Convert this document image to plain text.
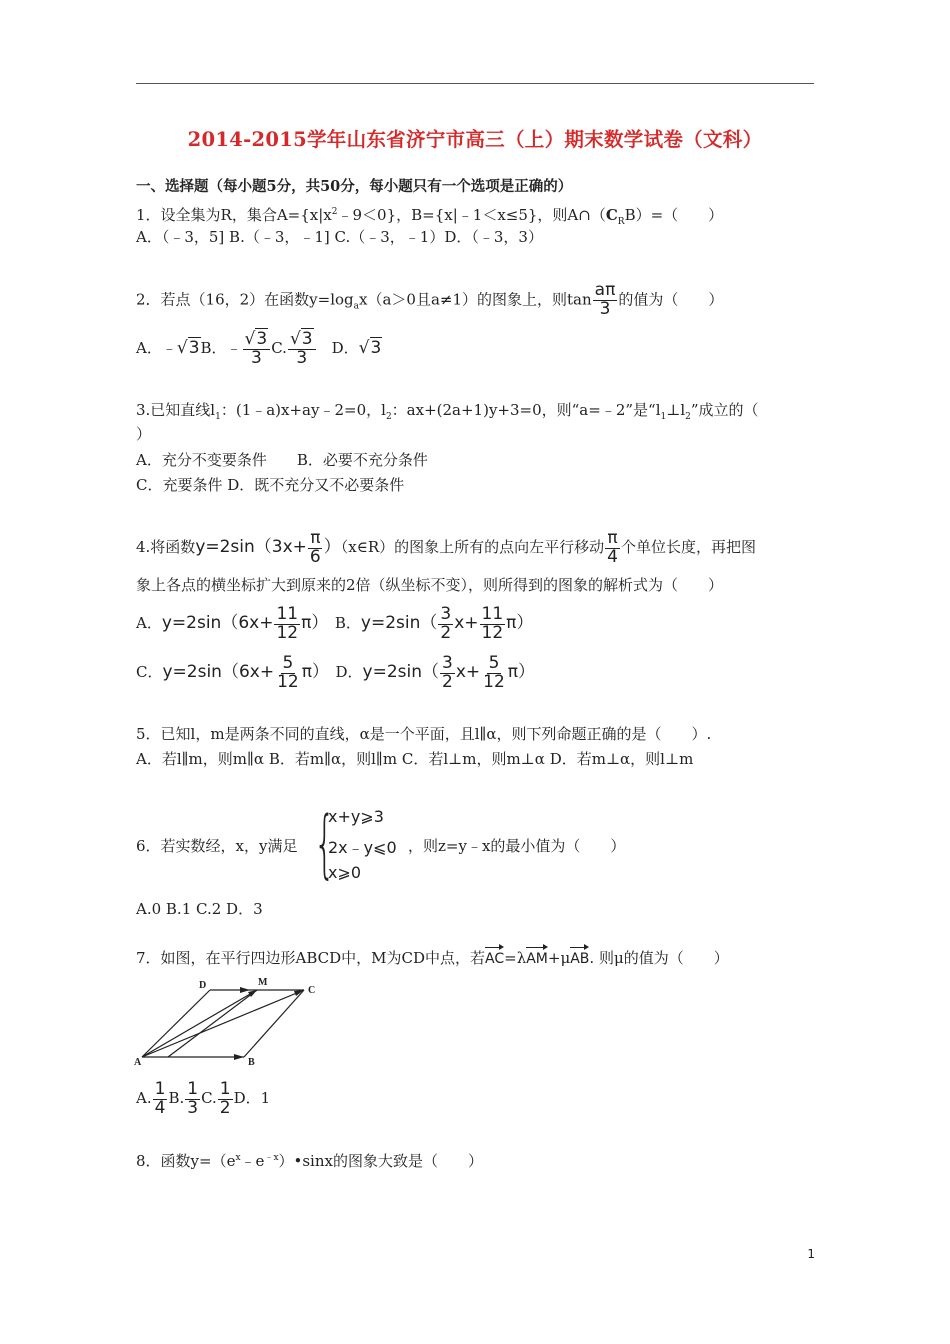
2014-2015学年山东省济宁市高三（上）期末数学试卷（文科）
一、选择题（每小题5分，共50分，每小题只有一个选项是正确的）
1．设全集为R，集合$A=\{x|x^2﹣9<0\}$，B={x|﹣1＜x≤5}，则$A\cap(C_RB)=$（　　）
A．（﹣3，5] B.（﹣3，﹣1] C.（﹣3，﹣1）D．（﹣3，3）
2．若点（16，2）在函数$y=\log_ax(a>0$且a≠1）的图象上，则$\tan \frac{a\pi}{3}$ 的值为（　　）
A．﹣√3B．﹣ $\frac{√3}{3} C$. $\frac{√3}{3}$
　 D．√3
3.已知直线$l_1$：(1﹣a)x+ay﹣2=0，$l_2$：ax+(2a+1)y+3=0，则“a=﹣2”是“$l_1\perp l_2$”成立的（
）
A．充分不变要条件　　B．必要不充分条件
C．充要条件 D．既不充分又不必要条件
4.将函数$y=2\sin(3x+ \frac{\pi}{6}$ ）（x∈R）的图象上所有的点向左平行移动 $\frac{\pi}{4}$ 个单位长度，再把图
象上各点的横坐标扩大到原来的2倍（纵坐标不变），则所得到的图象的解析式为（　　）
A．$y=2\sin(6x+ \frac{11}{12} \pi)$　 B．$y=2\sin( \frac{3}{2} x+ \frac{11}{12} \pi)$
C．$y=2\sin(6x+ \frac{5}{12} \pi)$　 D．$y=2\sin( \frac{3}{2} x+ \frac{5}{12} \pi)$
5．已知l，m是两条不同的直线，α是一个平面，且l∥α，则下列命题正确的是（　　）.
A．若l∥m，则m∥α B．若m∥α，则l∥m C．若l⊥m，则m⊥α D．若m⊥α，则l⊥m
6．若实数经，x，y满足 {
x+y⩾3
2x﹣y⩽0
x⩾0
，则z=y﹣x的最小值为（　　）
A.0 B.1 C.2 D．3
7．如图，在平行四边形ABCD中，M为CD中点，若AC=λAM+μAB. 则μ的值为（　　）
D	M
C
A	B
A. $\frac{1}{4} B$. $\frac{1}{3} C$. $\frac{1}{2}$ D．1
8．函数$y=(e^x﹣e^{﹣x})•\sin x$的图象大致是（　　）
1
